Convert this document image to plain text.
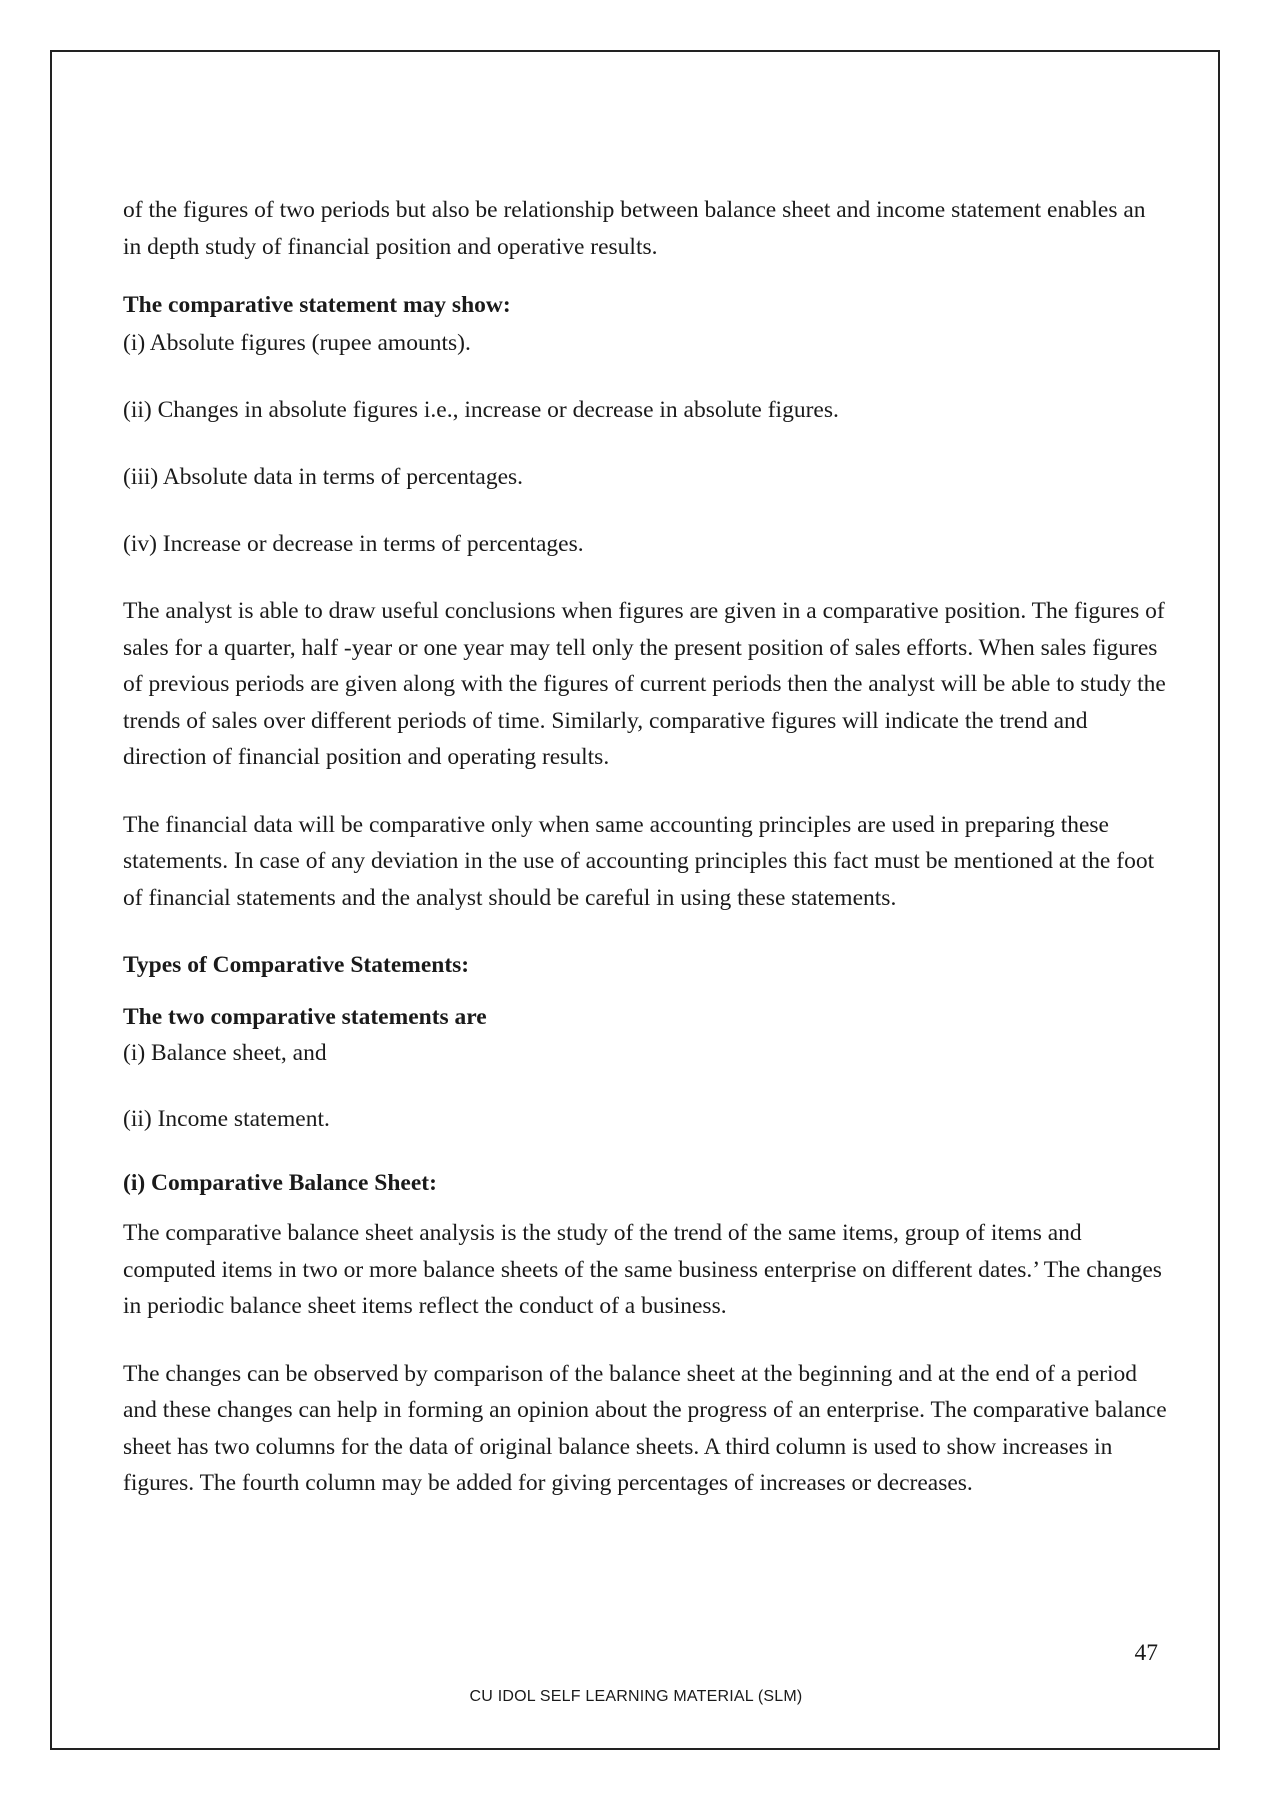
of the figures of two periods but also be relationship between balance sheet and income statement enables an in depth study of financial position and operative results.

The comparative statement may show:

(i) Absolute figures (rupee amounts).

(ii) Changes in absolute figures i.e., increase or decrease in absolute figures.

(iii) Absolute data in terms of percentages.

(iv) Increase or decrease in terms of percentages.

The analyst is able to draw useful conclusions when figures are given in a comparative position. The figures of sales for a quarter, half -year or one year may tell only the present position of sales efforts. When sales figures of previous periods are given along with the figures of current periods then the analyst will be able to study the trends of sales over different periods of time. Similarly, comparative figures will indicate the trend and direction of financial position and operating results.

The financial data will be comparative only when same accounting principles are used in preparing these statements. In case of any deviation in the use of accounting principles this fact must be mentioned at the foot of financial statements and the analyst should be careful in using these statements.

Types of Comparative Statements:

The two comparative statements are

(i) Balance sheet, and

(ii) Income statement.

(i) Comparative Balance Sheet:

The comparative balance sheet analysis is the study of the trend of the same items, group of items and computed items in two or more balance sheets of the same business enterprise on different dates.’ The changes in periodic balance sheet items reflect the conduct of a business.

The changes can be observed by comparison of the balance sheet at the beginning and at the end of a period and these changes can help in forming an opinion about the progress of an enterprise. The comparative balance sheet has two columns for the data of original balance sheets. A third column is used to show increases in figures. The fourth column may be added for giving percentages of increases or decreases.

47
CU IDOL SELF LEARNING MATERIAL (SLM)
